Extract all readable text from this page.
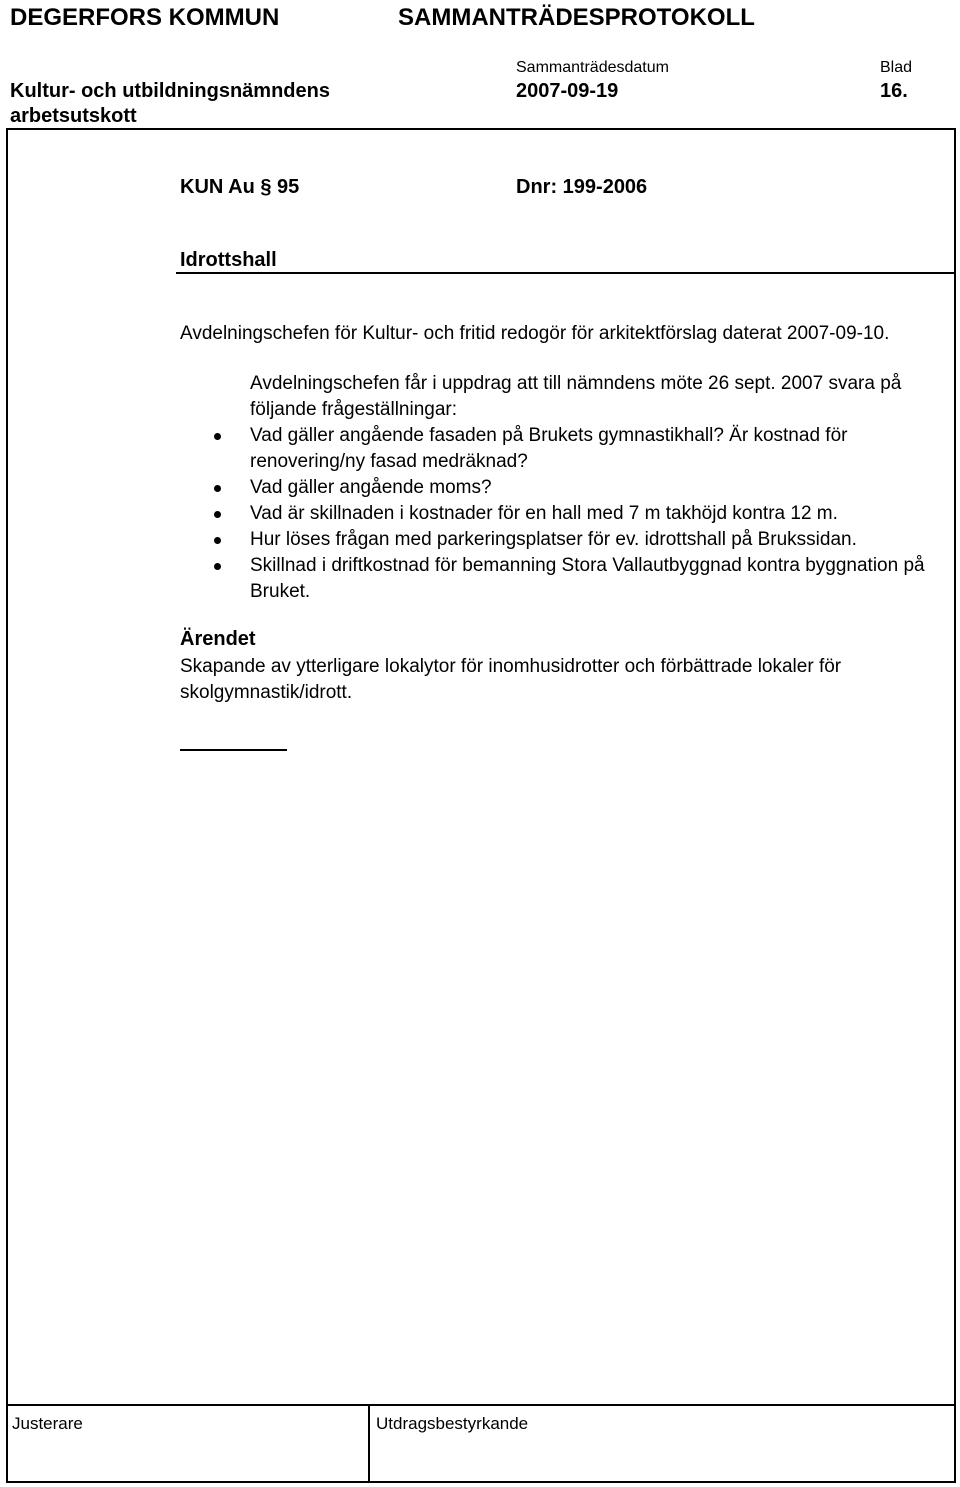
DEGERFORS KOMMUN	SAMMANTRÄDESPROTOKOLL
Sammanträdesdatum	Blad
Kultur- och utbildningsnämndens	2007-09-19	16.
arbetsutskott
KUN Au § 95	Dnr: 199-2006
Idrottshall
Avdelningschefen för Kultur- och fritid redogör för arkitektförslag daterat 2007-09-10.
Avdelningschefen får i uppdrag att till nämndens möte 26 sept. 2007 svara på följande frågeställningar:
Vad gäller angående fasaden på Brukets gymnastikhall? Är kostnad för renovering/ny fasad medräknad?
Vad gäller angående moms?
Vad är skillnaden i kostnader för en hall med 7 m takhöjd kontra 12 m.
Hur löses frågan med parkeringsplatser för ev. idrottshall på Brukssidan.
Skillnad i driftkostnad för bemanning Stora Vallautbyggnad kontra byggnation på Bruket.
Ärendet
Skapande av ytterligare lokalytor för inomhusidrotter och förbättrade lokaler för skolgymnastik/idrott.
Justerare	Utdragsbestyrkande
